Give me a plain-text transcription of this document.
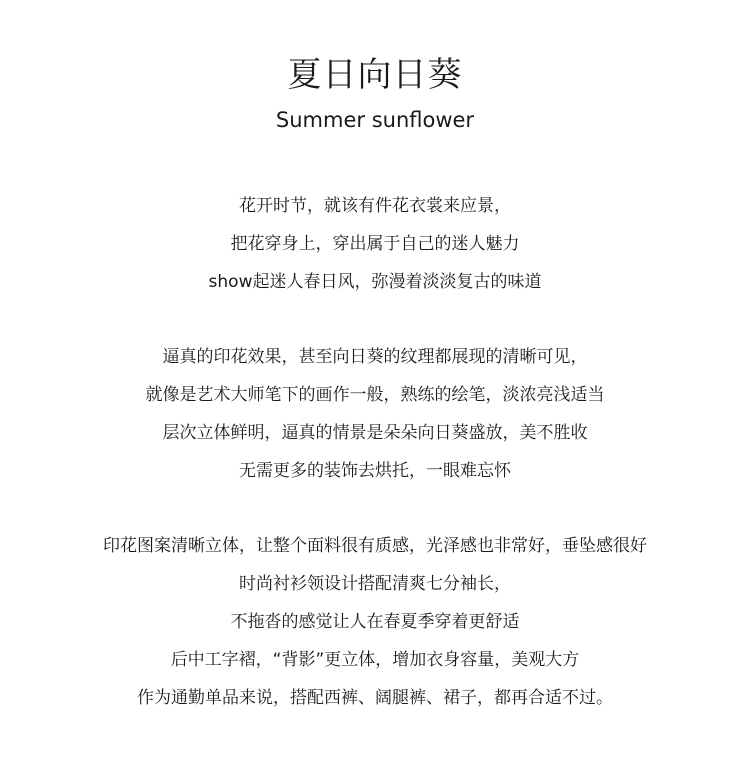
夏日向日葵

Summer sunflower

花开时节，就该有件花衣裳来应景，
把花穿身上，穿出属于自己的迷人魅力
show起迷人春日风，弥漫着淡淡复古的味道
逼真的印花效果，甚至向日葵的纹理都展现的清晰可见，
就像是艺术大师笔下的画作一般，熟练的绘笔，淡浓亮浅适当
层次立体鲜明，逼真的情景是朵朵向日葵盛放，美不胜收
无需更多的装饰去烘托，一眼难忘怀
印花图案清晰立体，让整个面料很有质感，光泽感也非常好，垂坠感很好
时尚衬衫领设计搭配清爽七分袖长，
不拖沓的感觉让人在春夏季穿着更舒适
后中工字褶，“背影”更立体，增加衣身容量，美观大方
作为通勤单品来说，搭配西裤、阔腿裤、裙子，都再合适不过。
